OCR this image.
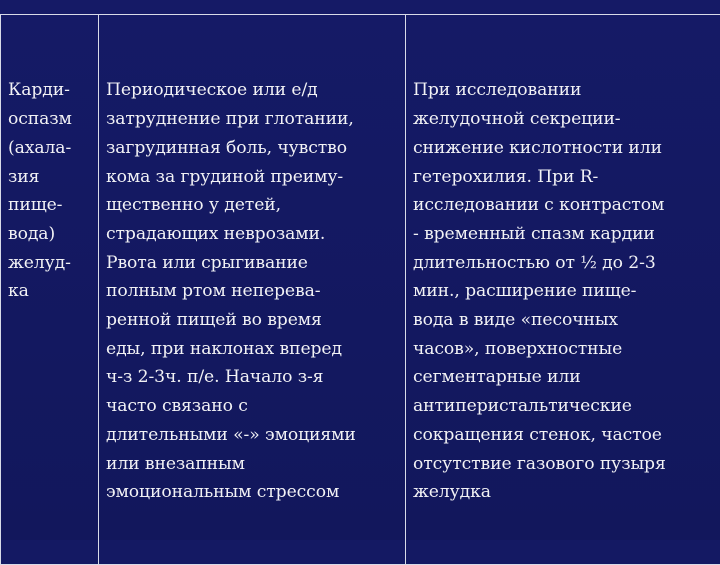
Карди-
оспазм
(ахала-
зия
пище-
вода)
желуд-
ка

Периодическое или е/д
затруднение при глотании,
загрудинная боль, чувство
кома за грудиной преиму-
щественно у детей,
страдающих неврозами.
Рвота или срыгивание
полным ртом неперева-
ренной пищей во время
еды, при наклонах вперед
ч-з 2-3ч. п/е. Начало з-я
часто связано с
длительными «-» эмоциями
или внезапным
эмоциональным стрессом

При исследовании
желудочной секреции-
снижение кислотности или
гетерохилия. При R-
исследовании с контрастом
- временный спазм кардии
длительностью от ½ до 2-3
мин., расширение пище-
вода в виде «песочных
часов», поверхностные
сегментарные или
антиперистальтические
сокращения стенок, частое
отсутствие газового пузыря
желудка
